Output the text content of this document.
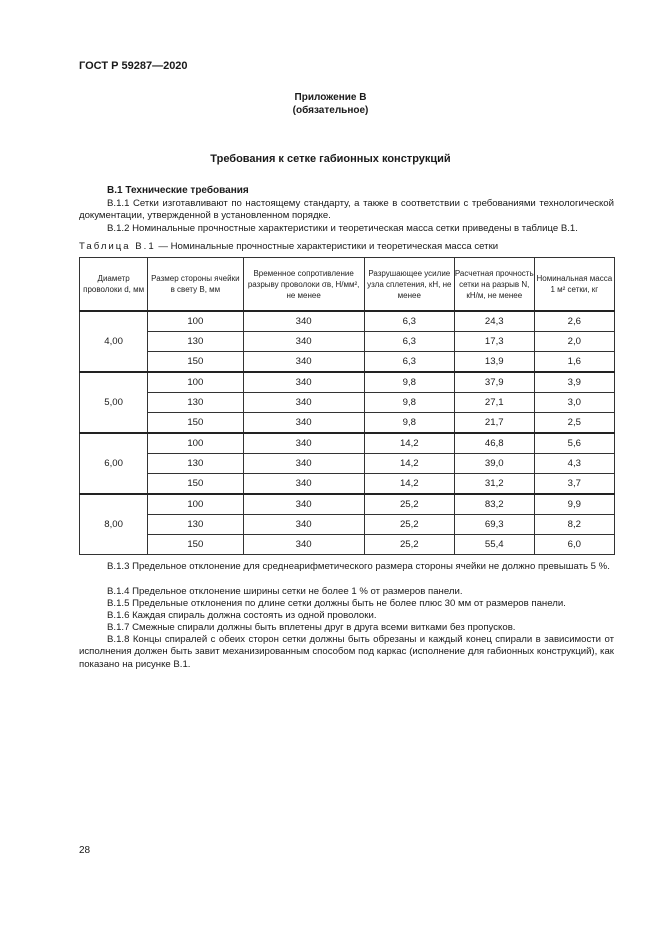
ГОСТ Р 59287—2020
Приложение В
(обязательное)
Требования к сетке габионных конструкций
В.1 Технические требования
В.1.1 Сетки изготавливают по настоящему стандарту, а также в соответствии с требованиями технологической документации, утвержденной в установленном порядке.
В.1.2 Номинальные прочностные характеристики и теоретическая масса сетки приведены в таблице В.1.
Таблица В.1 — Номинальные прочностные характеристики и теоретическая масса сетки
Диаметр проволоки d, мм	Размер стороны ячейки в свету B, мм	Временное сопротивление разрыву проволоки σв, Н/мм², не менее	Разрушающее усилие узла сплетения, кН, не менее	Расчетная прочность сетки на разрыв N, кН/м, не менее	Номинальная масса 1 м² сетки, кг
4,00	100	340	6,3	24,3	2,6
	130	340	6,3	17,3	2,0
	150	340	6,3	13,9	1,6
5,00	100	340	9,8	37,9	3,9
	130	340	9,8	27,1	3,0
	150	340	9,8	21,7	2,5
6,00	100	340	14,2	46,8	5,6
	130	340	14,2	39,0	4,3
	150	340	14,2	31,2	3,7
8,00	100	340	25,2	83,2	9,9
	130	340	25,2	69,3	8,2
	150	340	25,2	55,4	6,0
В.1.3 Предельное отклонение для среднеарифметического размера стороны ячейки не должно превышать 5 %.
В.1.4 Предельное отклонение ширины сетки не более 1 % от размеров панели.
В.1.5 Предельные отклонения по длине сетки должны быть не более плюс 30 мм от размеров панели.
В.1.6 Каждая спираль должна состоять из одной проволоки.
В.1.7 Смежные спирали должны быть вплетены друг в друга всеми витками без пропусков.
В.1.8 Концы спиралей с обеих сторон сетки должны быть обрезаны и каждый конец спирали в зависимости от исполнения должен быть завит механизированным способом под каркас (исполнение для габионных конструкций), как показано на рисунке В.1.
28
